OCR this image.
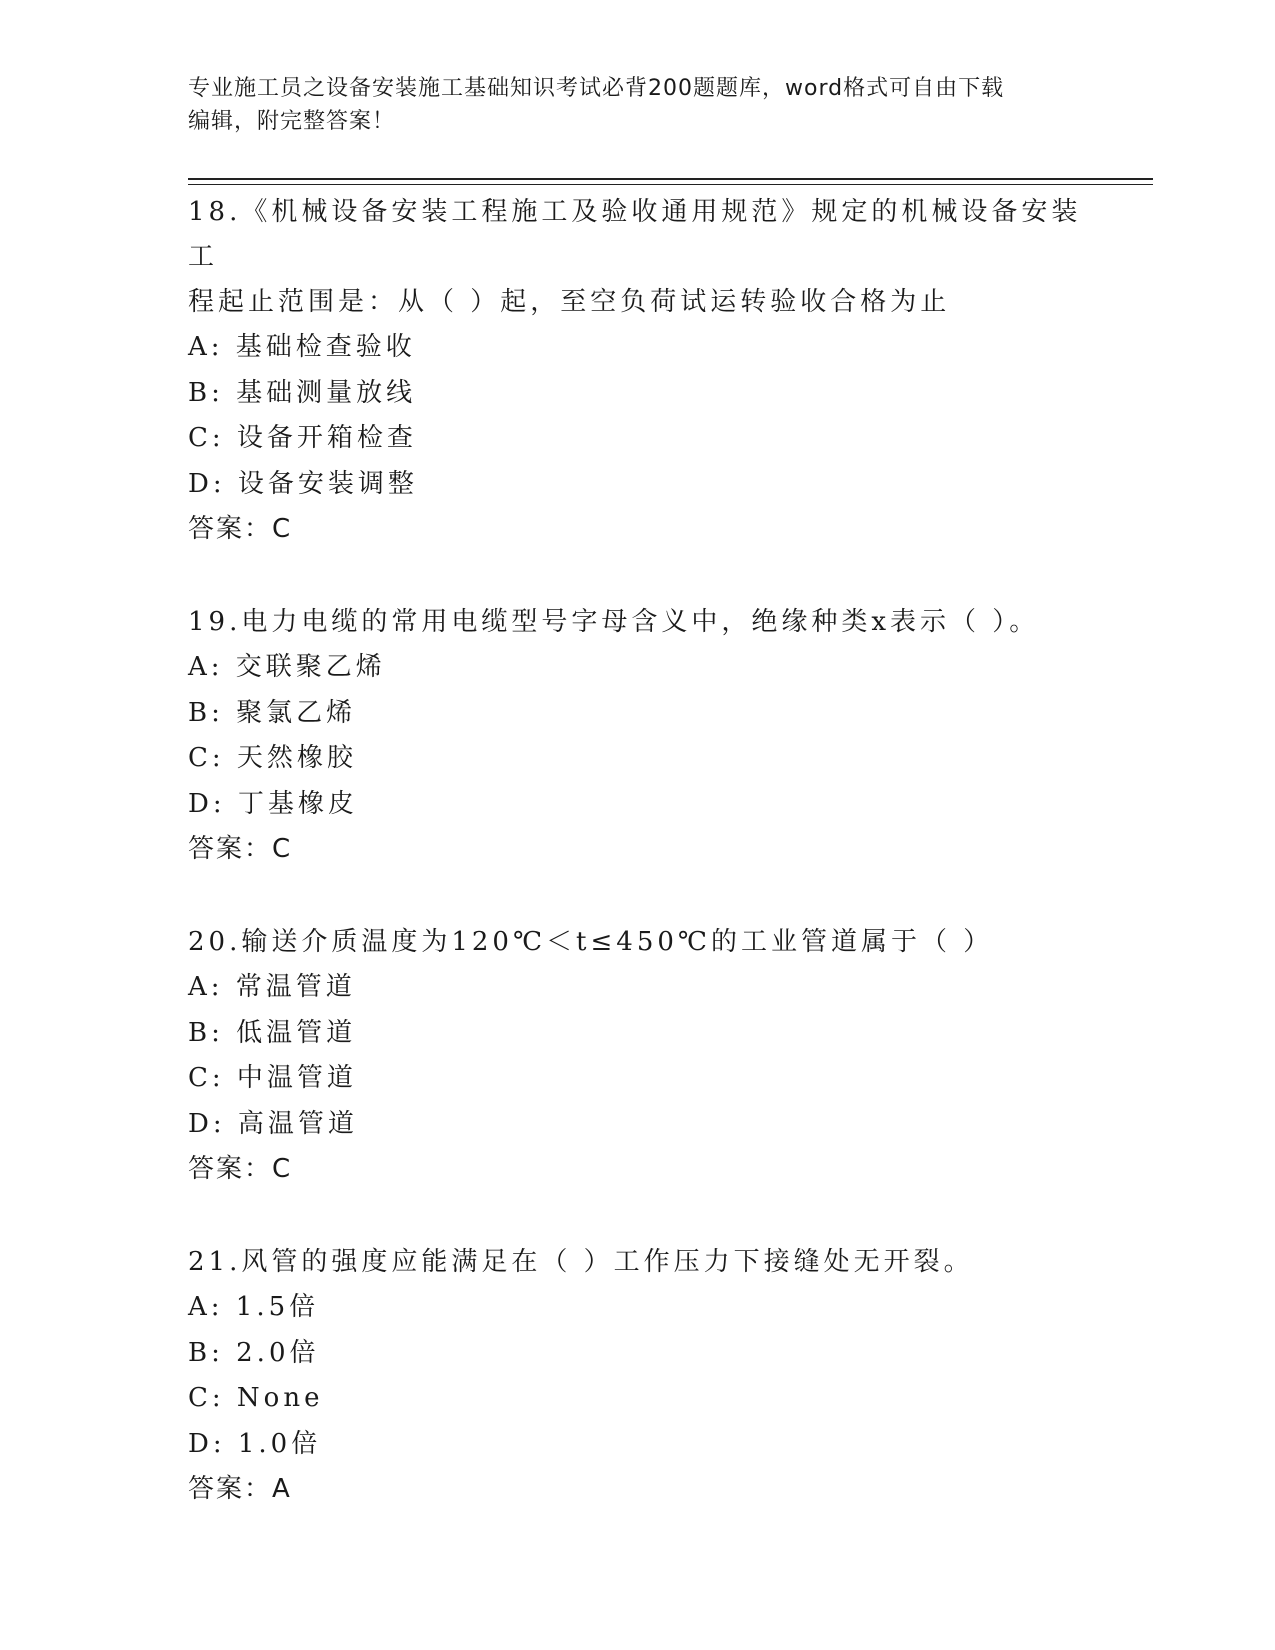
专业施工员之设备安装施工基础知识考试必背200题题库，word格式可自由下载
编辑，附完整答案！

18.《机械设备安装工程施工及验收通用规范》规定的机械设备安装工

程起止范围是：从（ ）起，至空负荷试运转验收合格为止

A: 基础检查验收

B: 基础测量放线

C: 设备开箱检查

D: 设备安装调整

答案：C

19.电力电缆的常用电缆型号字母含义中，绝缘种类x表示（ ）。

A: 交联聚乙烯

B: 聚氯乙烯

C: 天然橡胶

D: 丁基橡皮

答案：C

20.输送介质温度为120℃＜t≤450℃的工业管道属于（ ）

A: 常温管道

B: 低温管道

C: 中温管道

D: 高温管道

答案：C

21.风管的强度应能满足在（ ）工作压力下接缝处无开裂。

A: 1.5倍

B: 2.0倍

C: None

D: 1.0倍

答案：A
